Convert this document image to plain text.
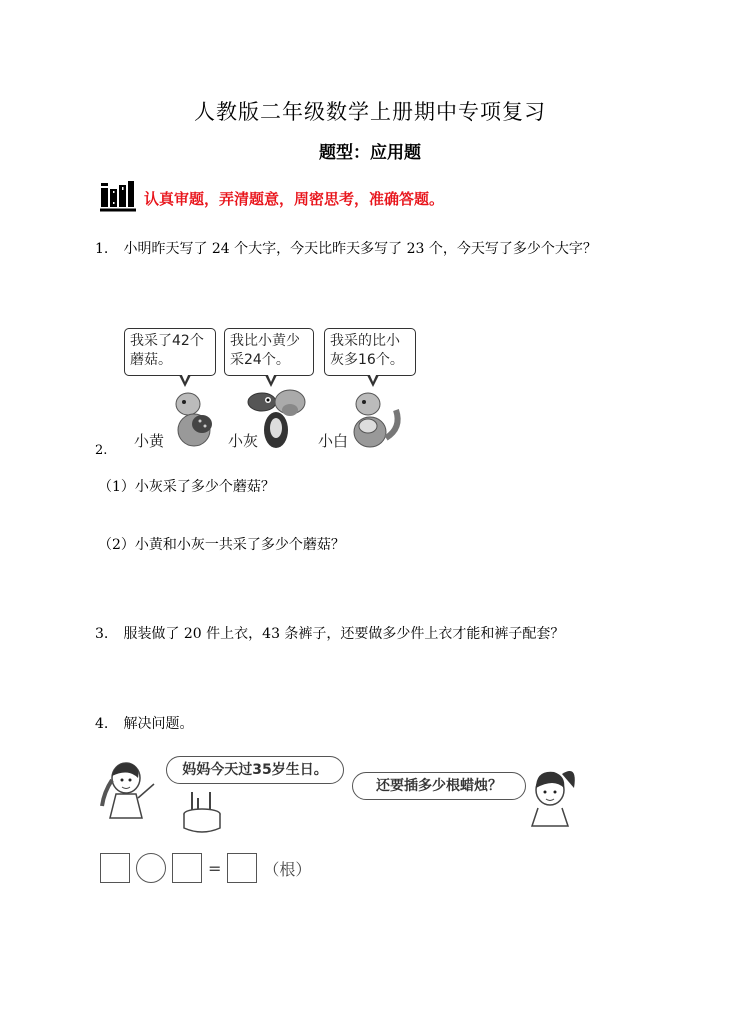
人教版二年级数学上册期中专项复习
题型：应用题
认真审题，弄清题意，周密思考，准确答题。
1. 小明昨天写了 24 个大字，今天比昨天多写了 23 个，今天写了多少个大字？
我采了42个
蘑菇。
我比小黄少
采24个。
我采的比小
灰多16个。
小黄	小灰	小白
2.
（1）小灰采了多少个蘑菇？
（2）小黄和小灰一共采了多少个蘑菇？
3. 服装做了 20 件上衣，43 条裤子，还要做多少件上衣才能和裤子配套？
4. 解决问题。
妈妈今天过35岁生日。
还要插多少根蜡烛？
=	（根）
